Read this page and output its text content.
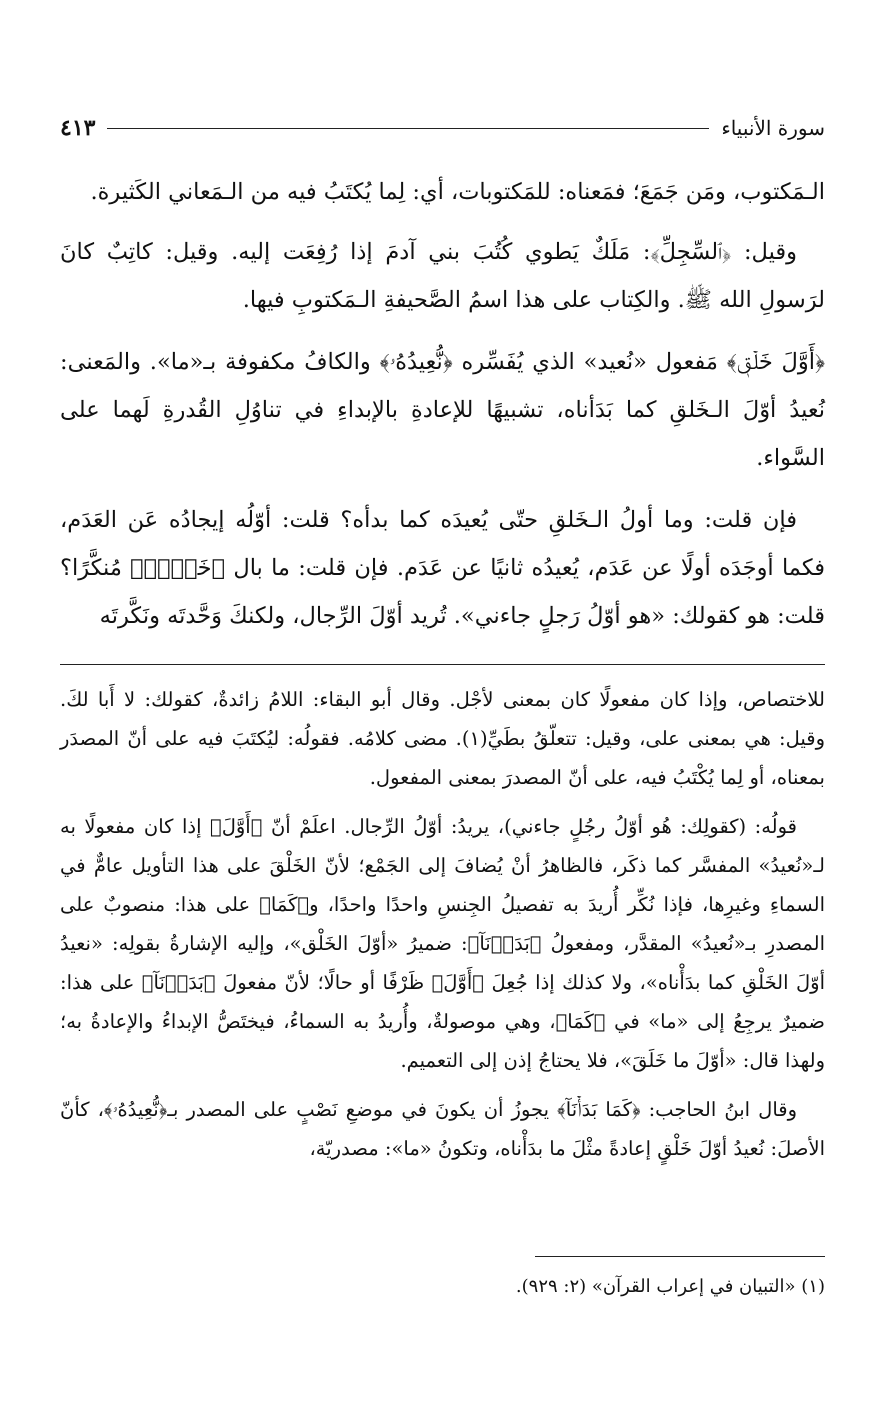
سورة الأنبياء
٤١٣

الـمَكتوب، ومَن جَمَعَ؛ فمَعناه: للمَكتوبات، أي: لِما يُكتَبُ فيه من الـمَعاني الكَثيرة.

وقيل: ﴿ٱلسِّجِلِّ﴾: مَلَكٌ يَطوي كُتُبَ بني آدمَ إذا رُفِعَت إليه. وقيل: كاتِبٌ كانَ لرَسولِ الله ﷺ. والكِتاب على هذا اسمُ الصَّحيفةِ الـمَكتوبِ فيها.

﴿أَوَّلَ خَلۡقٖ﴾ مَفعول «نُعيد» الذي يُفَسِّره ﴿نُّعِيدُهُۥ﴾ والكافُ مكفوفة بـ«ما». والمَعنى: نُعيدُ أوّلَ الـخَلقِ كما بَدَأناه، تشبيهًا للإعادةِ بالإبداءِ في تناوُلِ القُدرةِ لَهما على السَّواء.

فإن قلت: وما أولُ الـخَلقِ حتّى يُعيدَه كما بدأه؟ قلت: أوّلُه إيجادُه عَن العَدَم، فكما أوجَدَه أولًا عن عَدَم، يُعيدُه ثانيًا عن عَدَم. فإن قلت: ما بال ﴿خَلۡقٖ﴾ مُنكَّرًا؟ قلت: هو كقولك: «هو أوّلُ رَجلٍ جاءني». تُريد أوّلَ الرِّجال، ولكنكَ وَحَّدتَه ونَكَّرتَه

للاختصاص، وإذا كان مفعولًا كان بمعنى لأجْل. وقال أبو البقاء: اللامُ زائدةٌ، كقولك: لا أَبا لكَ. وقيل: هي بمعنى على، وقيل: تتعلّقُ بطَيِّ(١). مضى كلامُه. فقولُه: ليُكتَبَ فيه على أنّ المصدَر بمعناه، أو لِما يُكْتَبُ فيه، على أنّ المصدرَ بمعنى المفعول.

قولُه: (كقولِك: هُو أوّلُ رجُلٍ جاءني)، يريدُ: أوّلُ الرِّجال. اعلَمْ أنّ ﴿أَوَّلَ﴾ إذا كان مفعولًا به لـ«نُعيدُ» المفسَّر كما ذكَر، فالظاهرُ أنْ يُضافَ إلى الجَمْع؛ لأنّ الخَلْقَ على هذا التأويل عامٌّ في السماءِ وغيرِها، فإذا نُكِّر أُريدَ به تفصيلُ الجِنسِ واحدًا واحدًا، و﴿كَمَا﴾ على هذا: منصوبٌ على المصدرِ بـ«نُعيدُ» المقدَّر، ومفعولُ ﴿بَدَأۡنَآ﴾: ضميرُ «أوّلَ الخَلْق»، وإليه الإشارةُ بقولِه: «نعيدُ أوّلَ الخَلْقِ كما بدَأْناه»، ولا كذلك إذا جُعِلَ ﴿أَوَّلَ﴾ ظَرْفًا أو حالًا؛ لأنّ مفعولَ ﴿بَدَأۡنَآ﴾ على هذا: ضميرٌ يرجِعُ إلى «ما» في ﴿كَمَا﴾، وهي موصولةٌ، وأُريدُ به السماءُ، فيختَصُّ الإبداءُ والإعادةُ به؛ ولهذا قال: «أوّلَ ما خَلَقَ»، فلا يحتاجُ إذن إلى التعميم.

وقال ابنُ الحاجب: ﴿كَمَا بَدَأۡنَآ﴾ يجوزُ أن يكونَ في موضعِ نَصْبٍ على المصدر بـ﴿نُّعِيدُهُۥ﴾، كأنّ الأصلَ: نُعيدُ أوّلَ خَلْقٍ إعادةً مثْلَ ما بدَأْناه، وتكونُ «ما»: مصدريّة،

(١) «التبيان في إعراب القرآن» (٢: ٩٢٩).
